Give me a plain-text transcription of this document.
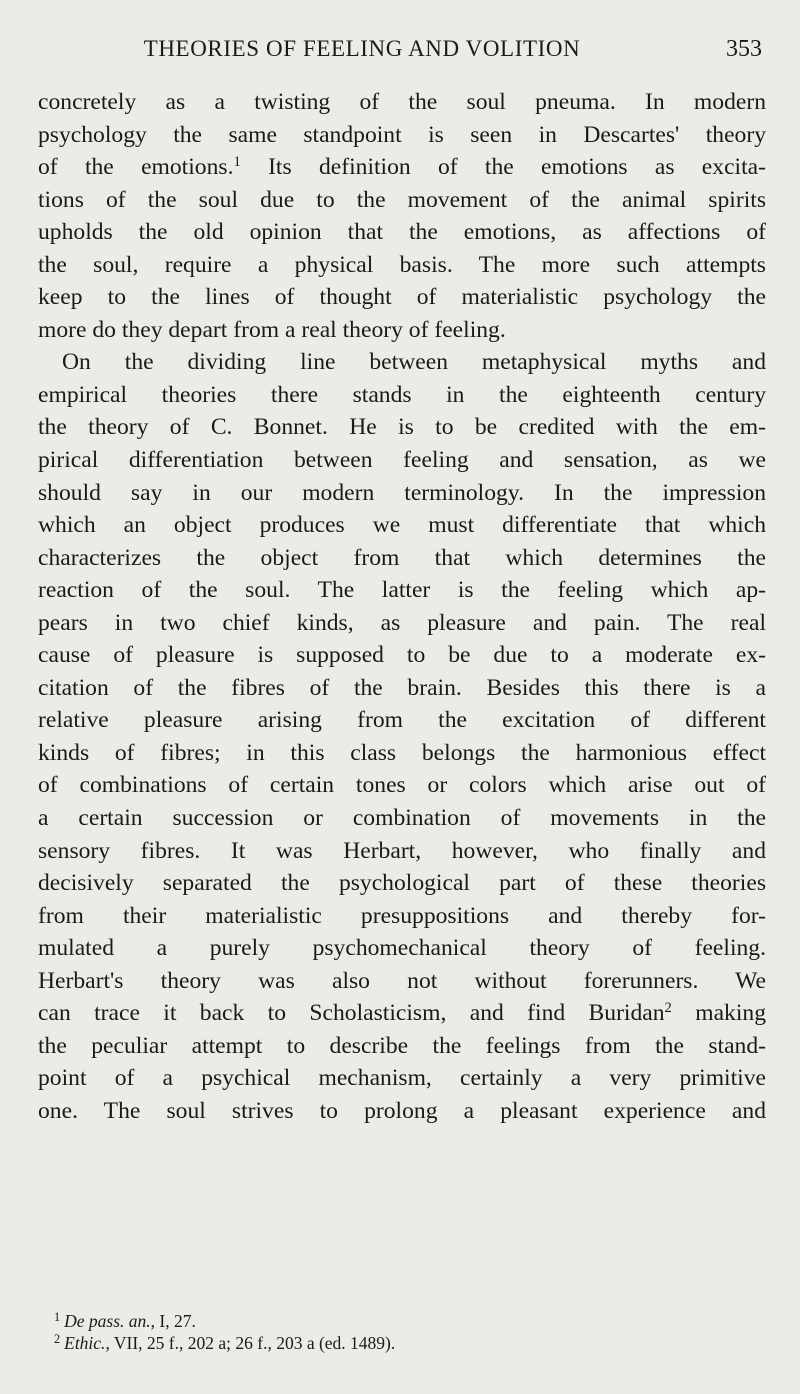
THEORIES OF FEELING AND VOLITION	353
concretely as a twisting of the soul pneuma. In modern
psychology the same standpoint is seen in Descartes' theory
of the emotions.$^1$ Its definition of the emotions as excita-
tions of the soul due to the movement of the animal spirits
upholds the old opinion that the emotions, as affections of
the soul, require a physical basis. The more such attempts
keep to the lines of thought of materialistic psychology the
more do they depart from a real theory of feeling.
On the dividing line between metaphysical myths and
empirical theories there stands in the eighteenth century
the theory of C. Bonnet. He is to be credited with the em-
pirical differentiation between feeling and sensation, as we
should say in our modern terminology. In the impression
which an object produces we must differentiate that which
characterizes the object from that which determines the
reaction of the soul. The latter is the feeling which ap-
pears in two chief kinds, as pleasure and pain. The real
cause of pleasure is supposed to be due to a moderate ex-
citation of the fibres of the brain. Besides this there is a
relative pleasure arising from the excitation of different
kinds of fibres; in this class belongs the harmonious effect
of combinations of certain tones or colors which arise out of
a certain succession or combination of movements in the
sensory fibres. It was Herbart, however, who finally and
decisively separated the psychological part of these theories
from their materialistic presuppositions and thereby for-
mulated a purely psychomechanical theory of feeling.
Herbart's theory was also not without forerunners. We
can trace it back to Scholasticism, and find Buridan$^2$ making
the peculiar attempt to describe the feelings from the stand-
point of a psychical mechanism, certainly a very primitive
one. The soul strives to prolong a pleasant experience and
$^1$ De pass. an., I, 27.
$^2$ Ethic., VII, 25 f., 202 a; 26 f., 203 a (ed. 1489).
